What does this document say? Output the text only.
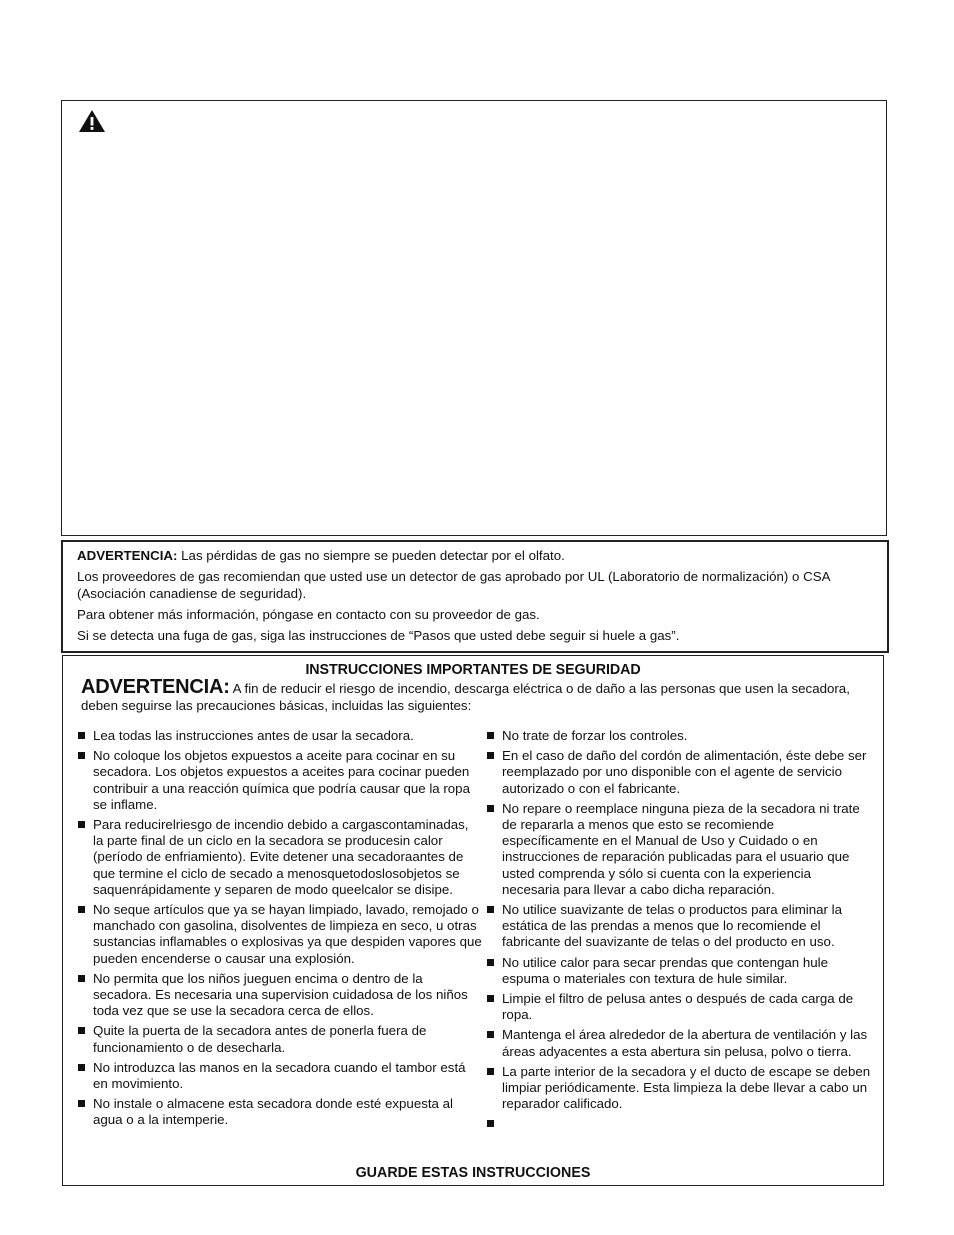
ADVERTENCIA: Las pérdidas de gas no siempre se pueden detectar por el olfato.

Los proveedores de gas recomiendan que usted use un detector de gas aprobado por UL (Laboratorio de normalización) o CSA (Asociación canadiense de seguridad).

Para obtener más información, póngase en contacto con su proveedor de gas.

Si se detecta una fuga de gas, siga las instrucciones de “Pasos que usted debe seguir si huele a gas”.

INSTRUCCIONES IMPORTANTES DE SEGURIDAD
ADVERTENCIA: A fin de reducir el riesgo de incendio, descarga eléctrica o de daño a las personas que usen la secadora, deben seguirse las precauciones básicas, incluidas las siguientes:
Lea todas las instrucciones antes de usar la secadora.
No coloque los objetos expuestos a aceite para cocinar en su secadora. Los objetos expuestos a aceites para cocinar pueden contribuir a una reacción química que podría causar que la ropa se inflame.
Para reducirelriesgo de incendio debido a cargascontaminadas, la parte final de un ciclo en la secadora se producesin calor (período de enfriamiento). Evite detener una secadoraantes de que termine el ciclo de secado a menosquetodoslosobjetos se saquenrápidamente y separen de modo queelcalor se disipe.
No seque artículos que ya se hayan limpiado, lavado, remojado o manchado con gasolina, disolventes de limpieza en seco, u otras sustancias inflamables o explosivas ya que despiden vapores que pueden encenderse o causar una explosión.
No permita que los niños jueguen encima o dentro de la secadora. Es necesaria una supervision cuidadosa de los niños toda vez que se use la secadora cerca de ellos.
Quite la puerta de la secadora antes de ponerla fuera de funcionamiento o de desecharla.
No introduzca las manos en la secadora cuando el tambor está en movimiento.
No instale o almacene esta secadora donde esté expuesta al agua o a la intemperie.
No trate de forzar los controles.
En el caso de daño del cordón de alimentación, éste debe ser reemplazado por uno disponible con el agente de servicio autorizado o con el fabricante.
No repare o reemplace ninguna pieza de la secadora ni trate de repararla a menos que esto se recomiende específicamente en el Manual de Uso y Cuidado o en instrucciones de reparación publicadas para el usuario que usted comprenda y sólo si cuenta con la experiencia necesaria para llevar a cabo dicha reparación.
No utilice suavizante de telas o productos para eliminar la estática de las prendas a menos que lo recomiende el fabricante del suavizante de telas o del producto en uso.
No utilice calor para secar prendas que contengan hule espuma o materiales con textura de hule similar.
Limpie el filtro de pelusa antes o después de cada carga de ropa.
Mantenga el área alrededor de la abertura de ventilación y las áreas adyacentes a esta abertura sin pelusa, polvo o tierra.
La parte interior de la secadora y el ducto de escape se deben limpiar periódicamente. Esta limpieza la debe llevar a cabo un reparador calificado.
GUARDE ESTAS INSTRUCCIONES
